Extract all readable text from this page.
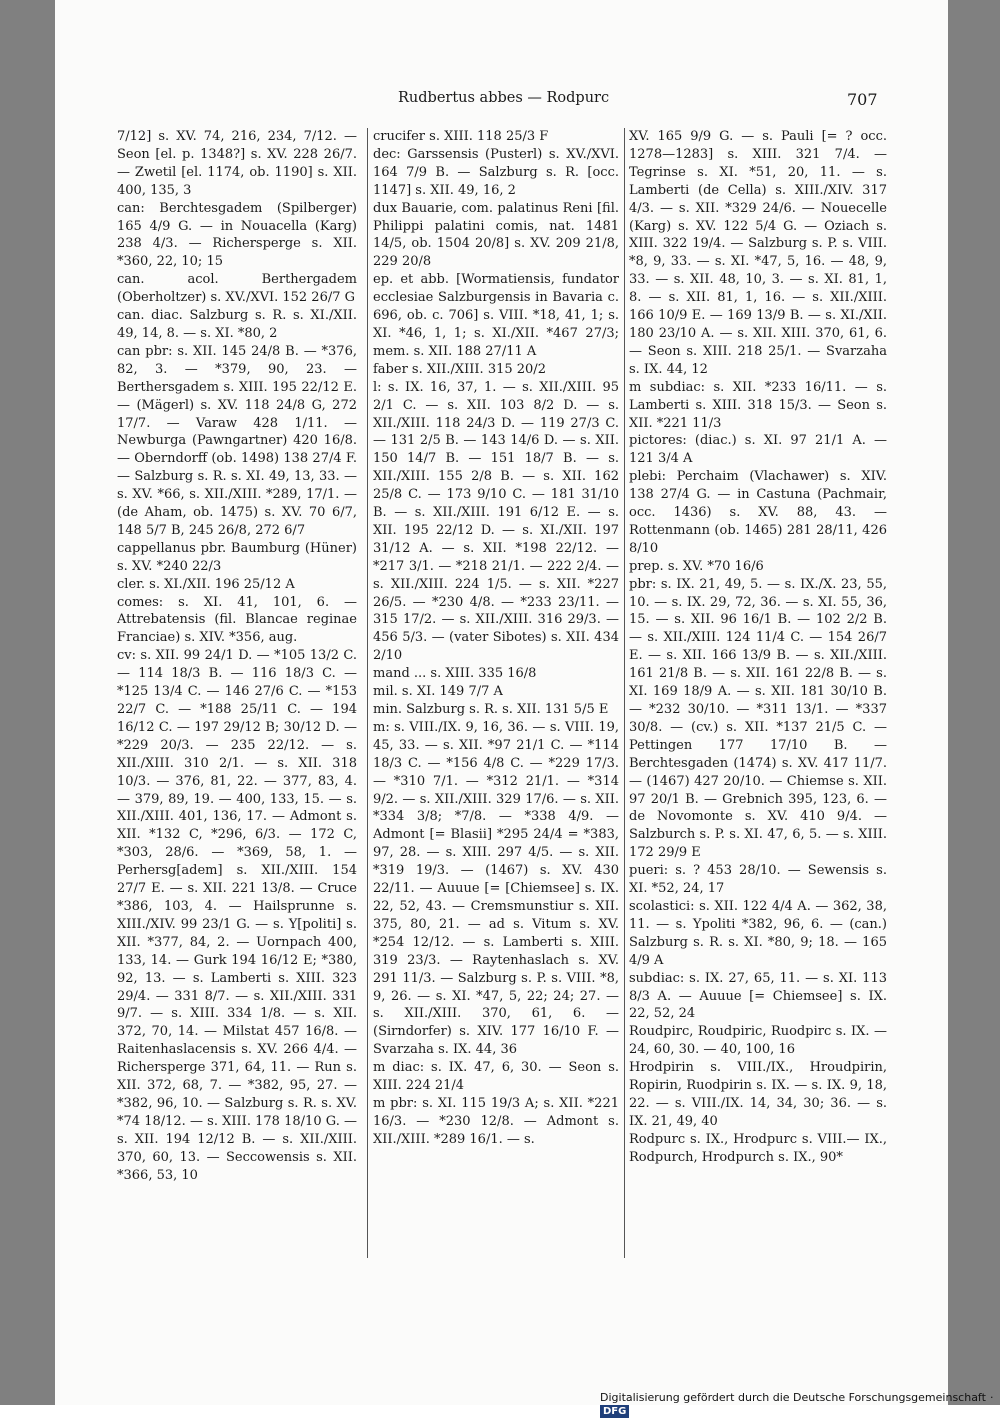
Rudbertus abbes — Rodpurc	707

7/12] s. XV. 74, 216, 234, 7/12. — Seon [el. p. 1348?] s. XV. 228 26/7. — Zwetil [el. 1174, ob. 1190] s. XII. 400, 135, 3

can: Berchtesgadem (Spilberger) 165 4/9 G. — in Nouacella (Karg) 238 4/3. — Richersperge s. XII. *360, 22, 10; 15

can. acol. Berthergadem (Oberholtzer) s. XV./XVI. 152 26/7 G

can. diac. Salzburg s. R. s. XI./XII. 49, 14, 8. — s. XI. *80, 2

can pbr: s. XII. 145 24/8 B. — *376, 82, 3. — *379, 90, 23. — Berthersgadem s. XIII. 195 22/12 E. — (Mägerl) s. XV. 118 24/8 G, 272 17/7. — Varaw 428 1/11. — Newburga (Pawngartner) 420 16/8. — Oberndorff (ob. 1498) 138 27/4 F. — Salzburg s. R. s. XI. 49, 13, 33. — s. XV. *66, s. XII./XIII. *289, 17/1. — (de Aham, ob. 1475) s. XV. 70 6/7, 148 5/7 B, 245 26/8, 272 6/7

cappellanus pbr. Baumburg (Hüner) s. XV. *240 22/3

cler. s. XI./XII. 196 25/12 A

comes: s. XI. 41, 101, 6. — Attrebatensis (fil. Blancae reginae Franciae) s. XIV. *356, aug.

cv: s. XII. 99 24/1 D. — *105 13/2 C. — 114 18/3 B. — 116 18/3 C. — *125 13/4 C. — 146 27/6 C. — *153 22/7 C. — *188 25/11 C. — 194 16/12 C. — 197 29/12 B; 30/12 D. — *229 20/3. — 235 22/12. — s. XII./XIII. 310 2/1. — s. XII. 318 10/3. — 376, 81, 22. — 377, 83, 4. — 379, 89, 19. — 400, 133, 15. — s. XII./XIII. 401, 136, 17. — Admont s. XII. *132 C, *296, 6/3. — 172 C, *303, 28/6. — *369, 58, 1. — Perhersg[adem] s. XII./XIII. 154 27/7 E. — s. XII. 221 13/8. — Cruce *386, 103, 4. — Hailsprunne s. XIII./XIV. 99 23/1 G. — s. Y[politi] s. XII. *377, 84, 2. — Uornpach 400, 133, 14. — Gurk 194 16/12 E; *380, 92, 13. — s. Lamberti s. XIII. 323 29/4. — 331 8/7. — s. XII./XIII. 331 9/7. — s. XIII. 334 1/8. — s. XII. 372, 70, 14. — Milstat 457 16/8. — Raitenhaslacensis s. XV. 266 4/4. — Richersperge 371, 64, 11. — Run s. XII. 372, 68, 7. — *382, 95, 27. — *382, 96, 10. — Salzburg s. R. s. XV. *74 18/12. — s. XIII. 178 18/10 G. — s. XII. 194 12/12 B. — s. XII./XIII. 370, 60, 13. — Seccowensis s. XII. *366, 53, 10

crucifer s. XIII. 118 25/3 F

dec: Garssensis (Pusterl) s. XV./XVI. 164 7/9 B. — Salzburg s. R. [occ. 1147] s. XII. 49, 16, 2

dux Bauarie, com. palatinus Reni [fil. Philippi palatini comis, nat. 1481 14/5, ob. 1504 20/8] s. XV. 209 21/8, 229 20/8

ep. et abb. [Wormatiensis, fundator ecclesiae Salzburgensis in Bavaria c. 696, ob. c. 706] s. VIII. *18, 41, 1; s. XI. *46, 1, 1; s. XI./XII. *467 27/3; mem. s. XII. 188 27/11 A

faber s. XII./XIII. 315 20/2

l: s. IX. 16, 37, 1. — s. XII./XIII. 95 2/1 C. — s. XII. 103 8/2 D. — s. XII./XIII. 118 24/3 D. — 119 27/3 C. — 131 2/5 B. — 143 14/6 D. — s. XII. 150 14/7 B. — 151 18/7 B. — s. XII./XIII. 155 2/8 B. — s. XII. 162 25/8 C. — 173 9/10 C. — 181 31/10 B. — s. XII./XIII. 191 6/12 E. — s. XII. 195 22/12 D. — s. XI./XII. 197 31/12 A. — s. XII. *198 22/12. — *217 3/1. — *218 21/1. — 222 2/4. — s. XII./XIII. 224 1/5. — s. XII. *227 26/5. — *230 4/8. — *233 23/11. — 315 17/2. — s. XII./XIII. 316 29/3. — 456 5/3. — (vater Sibotes) s. XII. 434 2/10

mand ... s. XIII. 335 16/8

mil. s. XI. 149 7/7 A

min. Salzburg s. R. s. XII. 131 5/5 E

m: s. VIII./IX. 9, 16, 36. — s. VIII. 19, 45, 33. — s. XII. *97 21/1 C. — *114 18/3 C. — *156 4/8 C. — *229 17/3. — *310 7/1. — *312 21/1. — *314 9/2. — s. XII./XIII. 329 17/6. — s. XII. *334 3/8; *7/8. — *338 4/9. — Admont [= Blasii] *295 24/4 = *383, 97, 28. — s. XIII. 297 4/5. — s. XII. *319 19/3. — (1467) s. XV. 430 22/11. — Auuue [= [Chiemsee] s. IX. 22, 52, 43. — Cremsmunstiur s. XII. 375, 80, 21. — ad s. Vitum s. XV. *254 12/12. — s. Lamberti s. XIII. 319 23/3. — Raytenhaslach s. XV. 291 11/3. — Salzburg s. P. s. VIII. *8, 9, 26. — s. XI. *47, 5, 22; 24; 27. — s. XII./XIII. 370, 61, 6. — (Sirndorfer) s. XIV. 177 16/10 F. — Svarzaha s. IX. 44, 36

m diac: s. IX. 47, 6, 30. — Seon s. XIII. 224 21/4

m pbr: s. XI. 115 19/3 A; s. XII. *221 16/3. — *230 12/8. — Admont s. XII./XIII. *289 16/1. — s.

XV. 165 9/9 G. — s. Pauli [= ? occ. 1278—1283] s. XIII. 321 7/4. — Tegrinse s. XI. *51, 20, 11. — s. Lamberti (de Cella) s. XIII./XIV. 317 4/3. — s. XII. *329 24/6. — Nouecelle (Karg) s. XV. 122 5/4 G. — Oziach s. XIII. 322 19/4. — Salzburg s. P. s. VIII. *8, 9, 33. — s. XI. *47, 5, 16. — 48, 9, 33. — s. XII. 48, 10, 3. — s. XI. 81, 1, 8. — s. XII. 81, 1, 16. — s. XII./XIII. 166 10/9 E. — 169 13/9 B. — s. XI./XII. 180 23/10 A. — s. XII. XIII. 370, 61, 6. — Seon s. XIII. 218 25/1. — Svarzaha s. IX. 44, 12

m subdiac: s. XII. *233 16/11. — s. Lamberti s. XIII. 318 15/3. — Seon s. XII. *221 11/3

pictores: (diac.) s. XI. 97 21/1 A. — 121 3/4 A

plebi: Perchaim (Vlachawer) s. XIV. 138 27/4 G. — in Castuna (Pachmair, occ. 1436) s. XV. 88, 43. — Rottenmann (ob. 1465) 281 28/11, 426 8/10

prep. s. XV. *70 16/6

pbr: s. IX. 21, 49, 5. — s. IX./X. 23, 55, 10. — s. IX. 29, 72, 36. — s. XI. 55, 36, 15. — s. XII. 96 16/1 B. — 102 2/2 B. — s. XII./XIII. 124 11/4 C. — 154 26/7 E. — s. XII. 166 13/9 B. — s. XII./XIII. 161 21/8 B. — s. XII. 161 22/8 B. — s. XI. 169 18/9 A. — s. XII. 181 30/10 B. — *232 30/10. — *311 13/1. — *337 30/8. — (cv.) s. XII. *137 21/5 C. — Pettingen 177 17/10 B. — Berchtesgaden (1474) s. XV. 417 11/7. — (1467) 427 20/10. — Chiemse s. XII. 97 20/1 B. — Grebnich 395, 123, 6. — de Novomonte s. XV. 410 9/4. — Salzburch s. P. s. XI. 47, 6, 5. — s. XIII. 172 29/9 E

pueri: s. ? 453 28/10. — Sewensis s. XI. *52, 24, 17

scolastici: s. XII. 122 4/4 A. — 362, 38, 11. — s. Ypoliti *382, 96, 6. — (can.) Salzburg s. R. s. XI. *80, 9; 18. — 165 4/9 A

subdiac: s. IX. 27, 65, 11. — s. XI. 113 8/3 A. — Auuue [= Chiemsee] s. IX. 22, 52, 24

Roudpirc, Roudpiric, Ruodpirc s. IX. — 24, 60, 30. — 40, 100, 16

Hrodpirin s. VIII./IX., Hroudpirin, Ropirin, Ruodpirin s. IX. — s. IX. 9, 18, 22. — s. VIII./IX. 14, 34, 30; 36. — s. IX. 21, 49, 40

Rodpurc s. IX., Hrodpurc s. VIII.— IX., Rodpurch, Hrodpurch s. IX., 90*

Digitalisierung gefördert durch die Deutsche Forschungsgemeinschaft ·DFG
